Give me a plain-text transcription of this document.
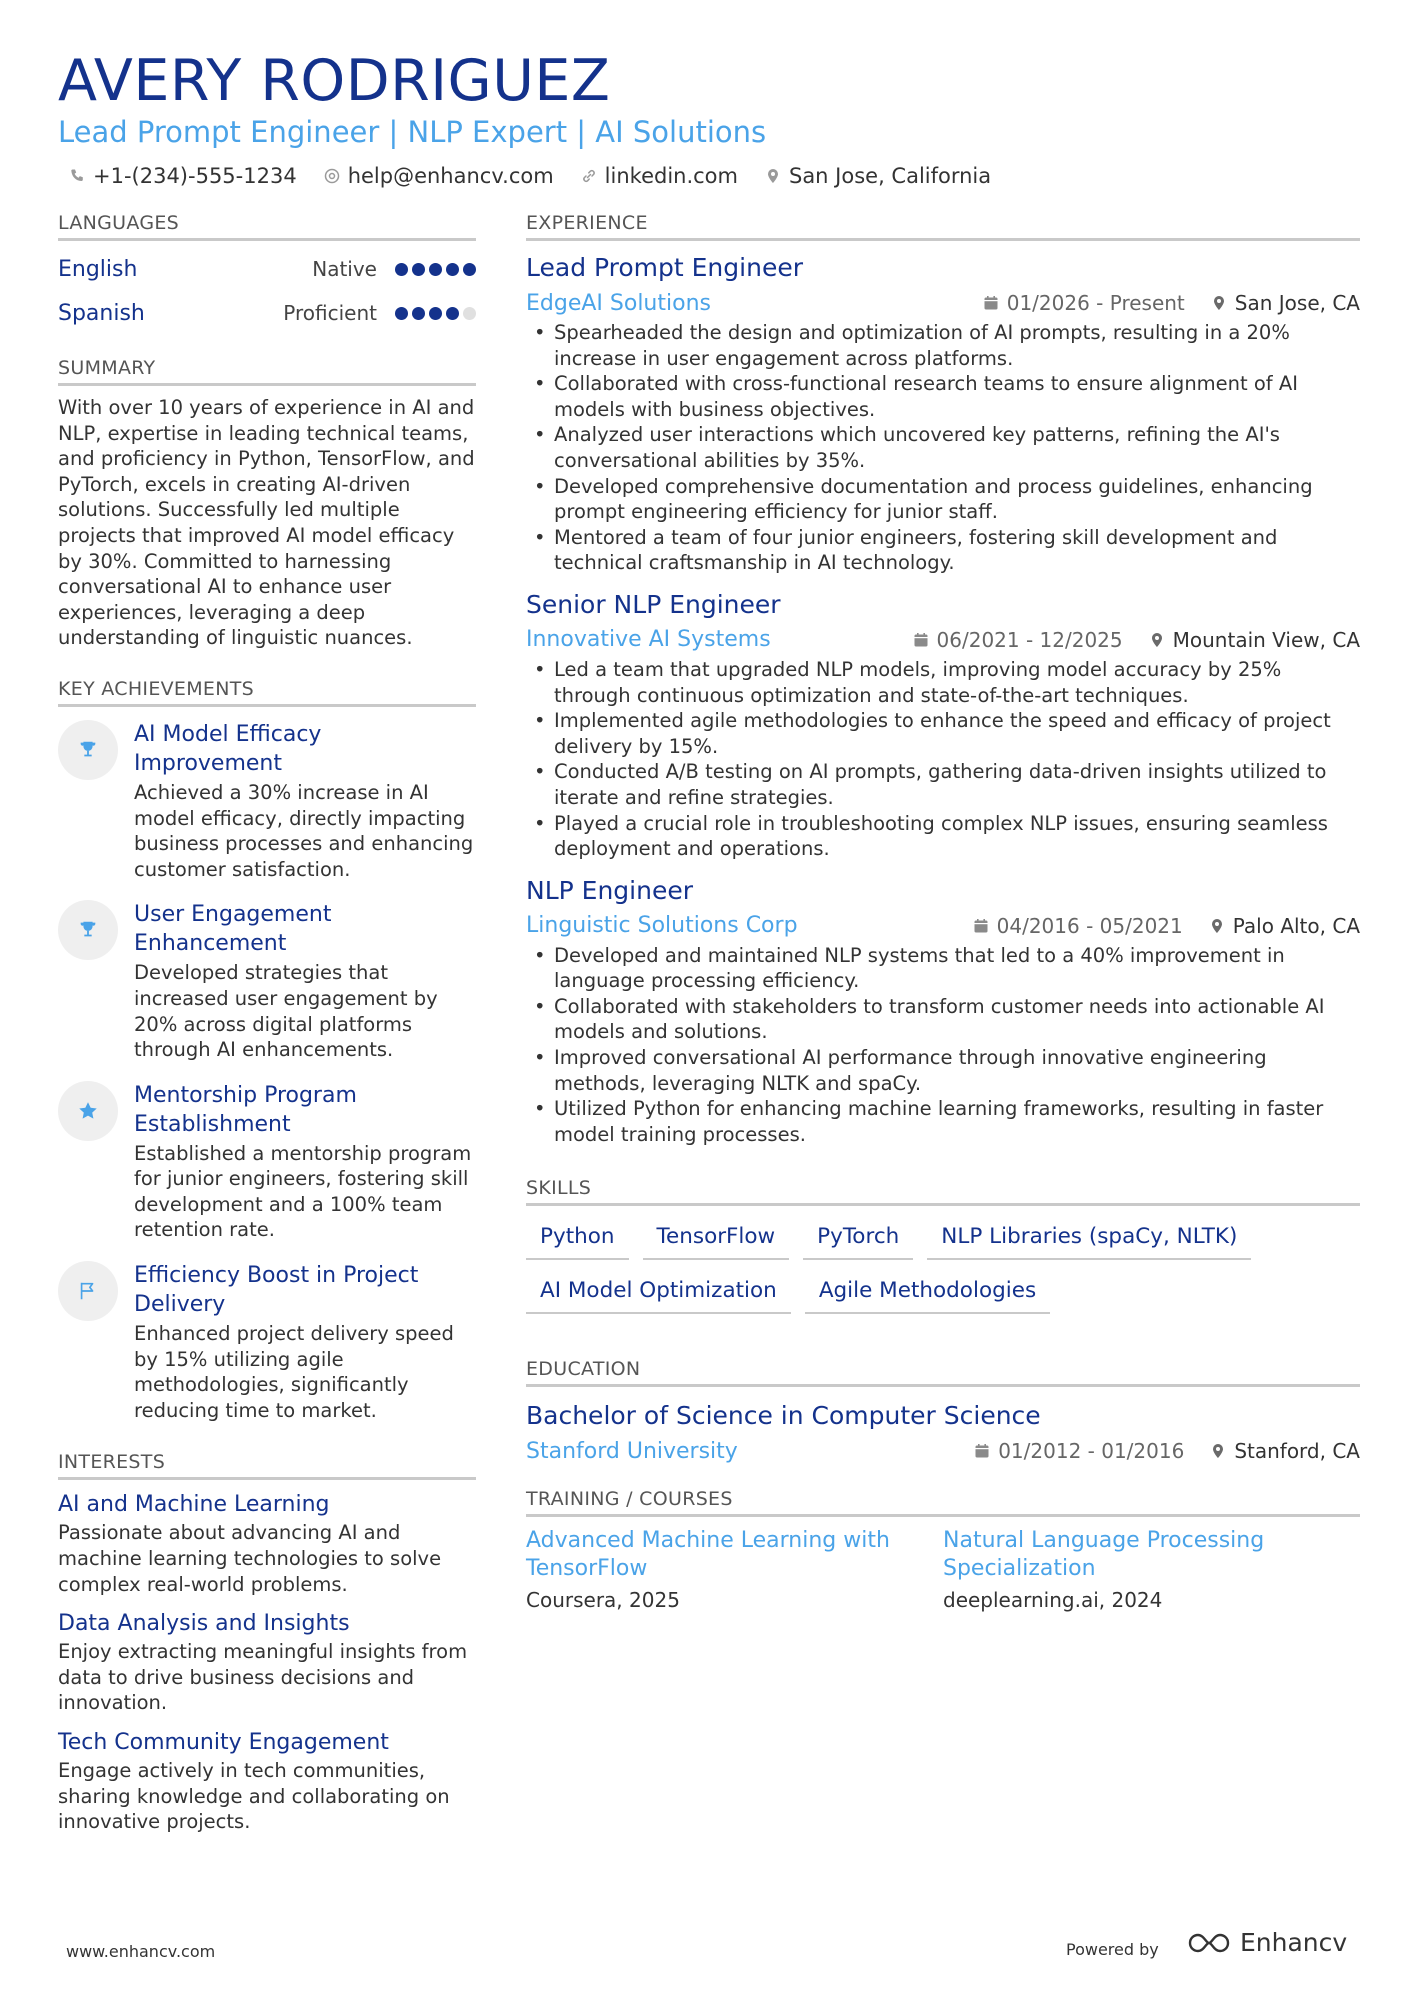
AVERY RODRIGUEZ
Lead Prompt Engineer | NLP Expert | AI Solutions
+1-(234)-555-1234 help@enhancv.com linkedin.com San Jose, California
LANGUAGES
English	Native
Spanish	Proficient
SUMMARY
With over 10 years of experience in AI and NLP, expertise in leading technical teams, and proficiency in Python, TensorFlow, and PyTorch, excels in creating AI-driven solutions. Successfully led multiple projects that improved AI model efficacy by 30%. Committed to harnessing conversational AI to enhance user experiences, leveraging a deep understanding of linguistic nuances.
KEY ACHIEVEMENTS
AI Model Efficacy Improvement
Achieved a 30% increase in AI model efficacy, directly impacting business processes and enhancing customer satisfaction.
User Engagement Enhancement
Developed strategies that increased user engagement by 20% across digital platforms through AI enhancements.
Mentorship Program Establishment
Established a mentorship program for junior engineers, fostering skill development and a 100% team retention rate.
Efficiency Boost in Project Delivery
Enhanced project delivery speed by 15% utilizing agile methodologies, significantly reducing time to market.
INTERESTS
AI and Machine Learning
Passionate about advancing AI and machine learning technologies to solve complex real-world problems.
Data Analysis and Insights
Enjoy extracting meaningful insights from data to drive business decisions and innovation.
Tech Community Engagement
Engage actively in tech communities, sharing knowledge and collaborating on innovative projects.
EXPERIENCE
Lead Prompt Engineer
EdgeAI Solutions	01/2026 - Present	San Jose, CA
• Spearheaded the design and optimization of AI prompts, resulting in a 20% increase in user engagement across platforms.
• Collaborated with cross-functional research teams to ensure alignment of AI models with business objectives.
• Analyzed user interactions which uncovered key patterns, refining the AI's conversational abilities by 35%.
• Developed comprehensive documentation and process guidelines, enhancing prompt engineering efficiency for junior staff.
• Mentored a team of four junior engineers, fostering skill development and technical craftsmanship in AI technology.
Senior NLP Engineer
Innovative AI Systems	06/2021 - 12/2025	Mountain View, CA
• Led a team that upgraded NLP models, improving model accuracy by 25% through continuous optimization and state-of-the-art techniques.
• Implemented agile methodologies to enhance the speed and efficacy of project delivery by 15%.
• Conducted A/B testing on AI prompts, gathering data-driven insights utilized to iterate and refine strategies.
• Played a crucial role in troubleshooting complex NLP issues, ensuring seamless deployment and operations.
NLP Engineer
Linguistic Solutions Corp	04/2016 - 05/2021	Palo Alto, CA
• Developed and maintained NLP systems that led to a 40% improvement in language processing efficiency.
• Collaborated with stakeholders to transform customer needs into actionable AI models and solutions.
• Improved conversational AI performance through innovative engineering methods, leveraging NLTK and spaCy.
• Utilized Python for enhancing machine learning frameworks, resulting in faster model training processes.
SKILLS
Python	TensorFlow	PyTorch	NLP Libraries (spaCy, NLTK)
AI Model Optimization	Agile Methodologies
EDUCATION
Bachelor of Science in Computer Science
Stanford University	01/2012 - 01/2016	Stanford, CA
TRAINING / COURSES
Advanced Machine Learning with TensorFlow
Coursera, 2025
Natural Language Processing Specialization
deeplearning.ai, 2024
www.enhancv.com	Powered by	Enhancv
